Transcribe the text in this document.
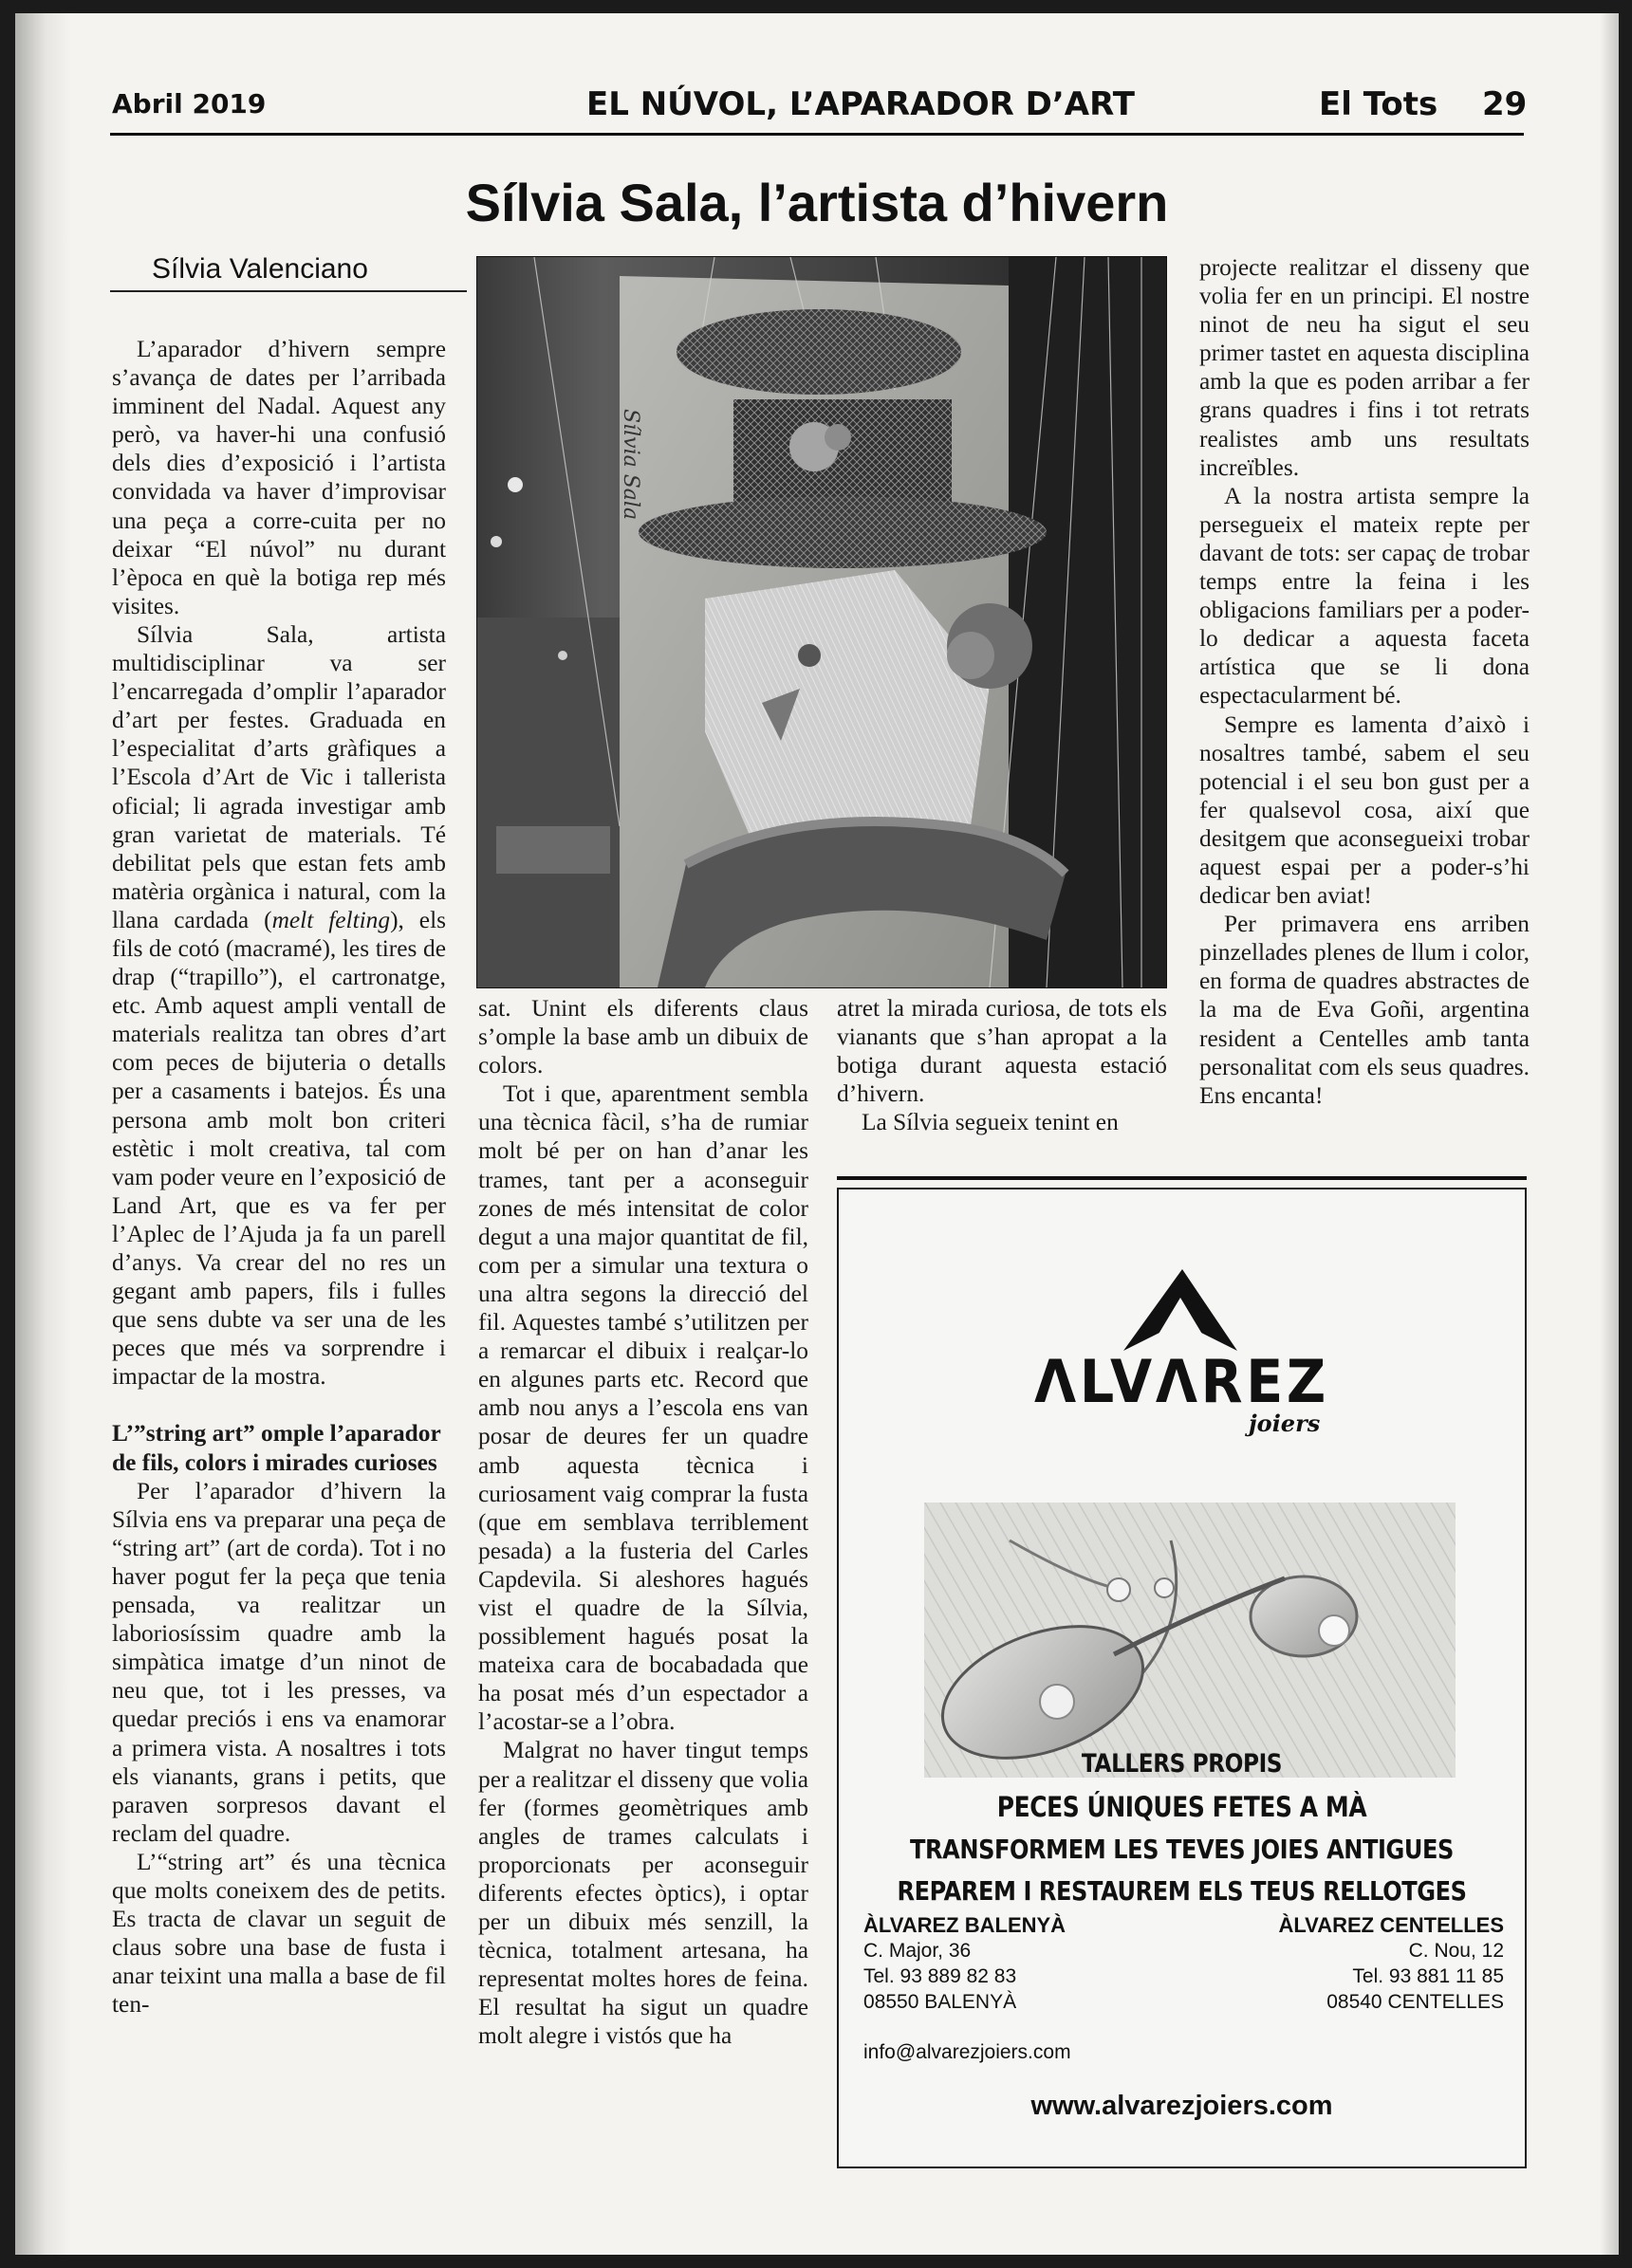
Abril 2019	EL NÚVOL, L’APARADOR D’ART	El Tots 29
Sílvia Sala, l’artista d’hivern
Sílvia Valenciano

L’aparador d’hivern sempre s’avança de dates per l’arribada imminent del Nadal. Aquest any però, va haver-hi una confusió dels dies d’exposició i l’artista convidada va haver d’improvisar una peça a corre-cuita per no deixar “El núvol” nu durant l’època en què la botiga rep més visites.

Sílvia Sala, artista multidisciplinar va ser l’encarregada d’omplir l’aparador d’art per festes. Graduada en l’especialitat d’arts gràfiques a l’Escola d’Art de Vic i tallerista oficial; li agrada investigar amb gran varietat de materials. Té debilitat pels que estan fets amb matèria orgànica i natural, com la llana cardada (melt felting), els fils de cotó (macramé), les tires de drap (“trapillo”), el cartronatge, etc. Amb aquest ampli ventall de materials realitza tan obres d’art com peces de bijuteria o detalls per a casaments i batejos. És una persona amb molt bon criteri estètic i molt creativa, tal com vam poder veure en l’exposició de Land Art, que es va fer per l’Aplec de l’Ajuda ja fa un parell d’anys. Va crear del no res un gegant amb papers, fils i fulles que sens dubte va ser una de les peces que més va sorprendre i impactar de la mostra.

L’”string art” omple l’aparador de fils, colors i mirades curioses

Per l’aparador d’hivern la Sílvia ens va preparar una peça de “string art” (art de corda). Tot i no haver pogut fer la peça que tenia pensada, va realitzar un laboriosíssim quadre amb la simpàtica imatge d’un ninot de neu que, tot i les presses, va quedar preciós i ens va enamorar a primera vista. A nosaltres i tots els vianants, grans i petits, que paraven sorpresos davant el reclam del quadre.

L’“string art” és una tècnica que molts coneixem des de petits. Es tracta de clavar un seguit de claus sobre una base de fusta i anar teixint una malla a base de fil ten-

Sílvia Sala

sat. Unint els diferents claus s’omple la base amb un dibuix de colors.

Tot i que, aparentment sembla una tècnica fàcil, s’ha de rumiar molt bé per on han d’anar les trames, tant per a aconseguir zones de més intensitat de color degut a una major quantitat de fil, com per a simular una textura o una altra segons la direcció del fil. Aquestes també s’utilitzen per a remarcar el dibuix i realçar-lo en algunes parts etc. Record que amb nou anys a l’escola ens van posar de deures fer un quadre amb aquesta tècnica i curiosament vaig comprar la fusta (que em semblava terriblement pesada) a la fusteria del Carles Capdevila. Si aleshores hagués vist el quadre de la Sílvia, possiblement hagués posat la mateixa cara de bocabadada que ha posat més d’un espectador a l’acostar-se a l’obra.

Malgrat no haver tingut temps per a realitzar el disseny que volia fer (formes geomètriques amb angles de trames calculats i proporcionats per aconseguir diferents efectes òptics), i optar per un dibuix més senzill, la tècnica, totalment artesana, ha representat moltes hores de feina. El resultat ha sigut un quadre molt alegre i vistós que ha

atret la mirada curiosa, de tots els vianants que s’han apropat a la botiga durant aquesta estació d’hivern.

La Sílvia segueix tenint en

projecte realitzar el disseny que volia fer en un principi. El nostre ninot de neu ha sigut el seu primer tastet en aquesta disciplina amb la que es poden arribar a fer grans quadres i fins i tot retrats realistes amb uns resultats increïbles.

A la nostra artista sempre la persegueix el mateix repte per davant de tots: ser capaç de trobar temps entre la feina i les obligacions familiars per a poder-lo dedicar a aquesta faceta artística que se li dona espectacularment bé.

Sempre es lamenta d’això i nosaltres també, sabem el seu potencial i el seu bon gust per a fer qualsevol cosa, així que desitgem que aconsegueixi trobar aquest espai per a poder-s’hi dedicar ben aviat!

Per primavera ens arriben pinzellades plenes de llum i color, en forma de quadres abstractes de la ma de Eva Goñi, argentina resident a Centelles amb tanta personalitat com els seus quadres. Ens encanta!

ΛLVΛREZ
joiers
TALLERS PROPIS
PECES ÚNIQUES FETES A MÀ
TRANSFORMEM LES TEVES JOIES ANTIGUES
REPAREM I RESTAUREM ELS TEUS RELLOTGES
ÀLVAREZ BALENYÀ
C. Major, 36
Tel. 93 889 82 83
08550 BALENYÀ
ÀLVAREZ CENTELLES
C. Nou, 12
Tel. 93 881 11 85
08540 CENTELLES
info@alvarezjoiers.com
www.alvarezjoiers.com
